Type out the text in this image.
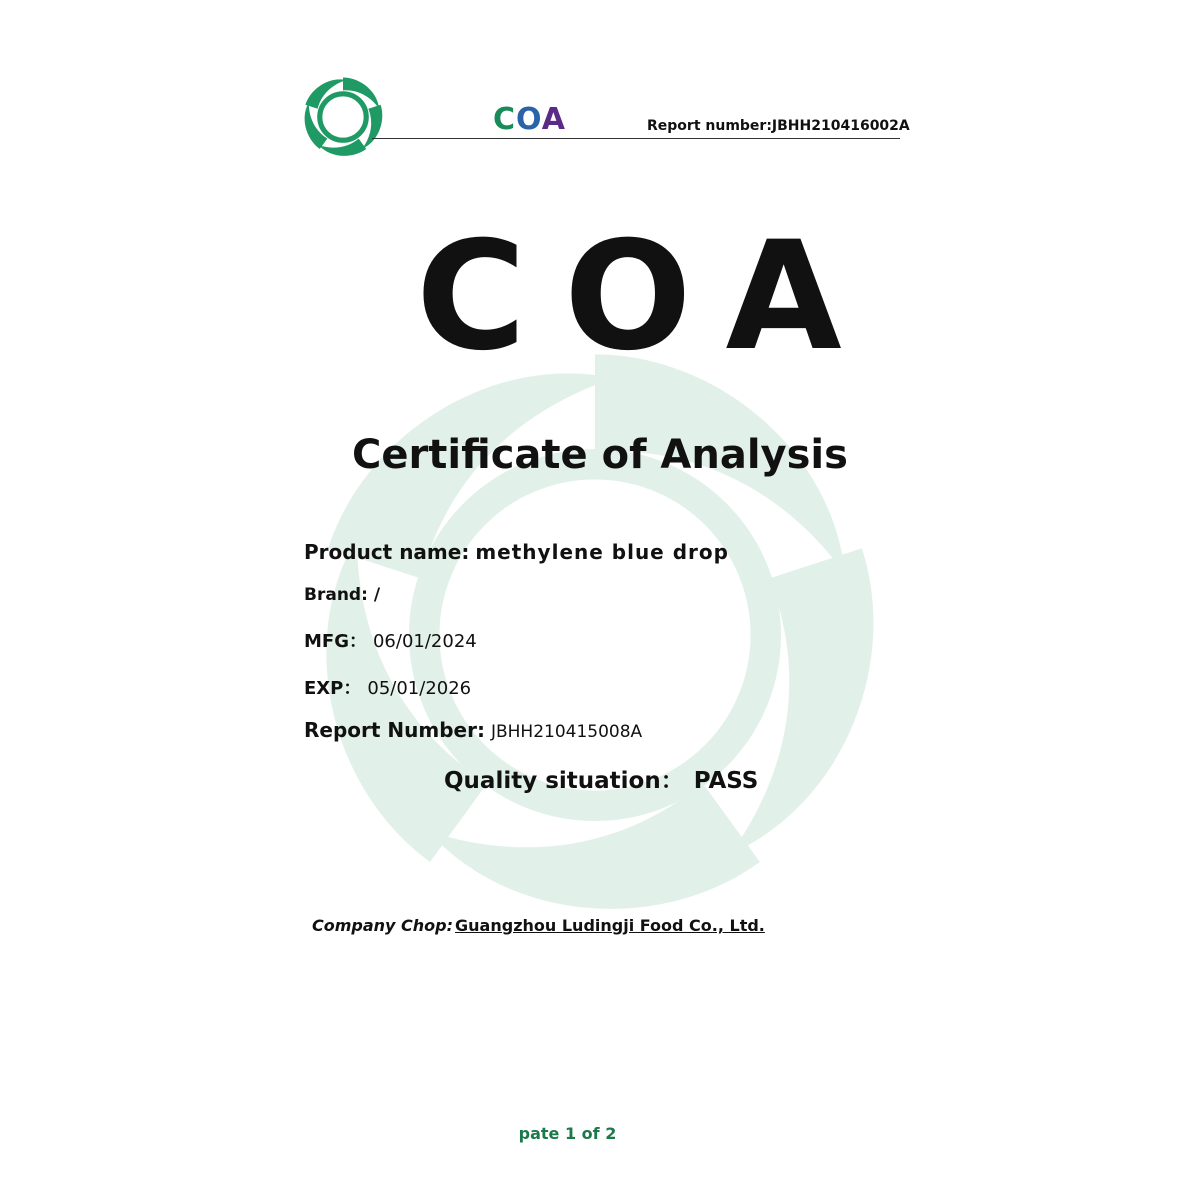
COA	Report number:JBHH210416002A
COA
Certificate of Analysis
Product name: methylene blue drop
Brand: /
MFG： 06/01/2024
EXP： 05/01/2026
Report Number: JBHH210415008A
Quality situation： PASS
Company Chop: Guangzhou Ludingji Food Co., Ltd.
pate 1 of 2
